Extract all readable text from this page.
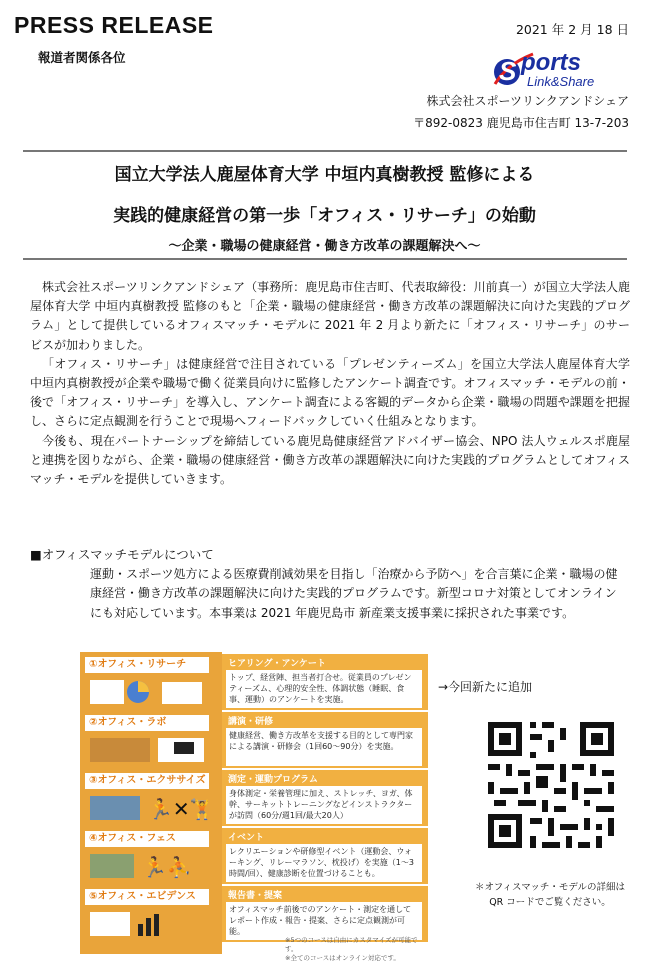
PRESS RELEASE	2021 年 2 月 18 日
報道者関係各位	S ports
Link&Share
株式会社スポーツリンクアンドシェア
〒892-0823 鹿児島市住吉町 13-7-203
国立大学法人鹿屋体育大学 中垣内真樹教授 監修による
実践的健康経営の第一歩「オフィス・リサーチ」の始動
〜企業・職場の健康経営・働き方改革の課題解決へ〜

株式会社スポーツリンクアンドシェア（事務所：鹿児島市住吉町、代表取締役：川前真一）が国立大学法人鹿屋体育大学 中垣内真樹教授 監修のもと「企業・職場の健康経営・働き方改革の課題解決に向けた実践的プログラム」として提供しているオフィスマッチ・モデルに 2021 年 2 月より新たに「オフィス・リサーチ」のサービスが加わりました。

「オフィス・リサーチ」は健康経営で注目されている「プレゼンティーズム」を国立大学法人鹿屋体育大学 中垣内真樹教授が企業や職場で働く従業員向けに監修したアンケート調査です。オフィスマッチ・モデルの前・後で「オフィス・リサーチ」を導入し、アンケート調査による客観的データから企業・職場の問題や課題を把握し、さらに定点観測を行うことで現場へフィードバックしていく仕組みとなります。

今後も、現在パートナーシップを締結している鹿児島健康経営アドバイザー協会、NPO 法人ウェルスポ鹿屋と連携を図りながら、企業・職場の健康経営・働き方改革の課題解決に向けた実践的プログラムとしてオフィスマッチ・モデルを提供していきます。

■オフィスマッチモデルについて
運動・スポーツ処方による医療費削減効果を目指し「治療から予防へ」を合言葉に企業・職場の健康経営・働き方改革の課題解決に向けた実践的プログラムです。新型コロナ対策としてオンラインにも対応しています。本事業は 2021 年鹿児島市 新産業支援事業に採択された事業です。
①オフィス・リサーチ	ヒアリング・アンケート
トップ、経営陣、担当者打合せ。従業員のプレゼンティーズム、心理的安全性、体調状態（睡眠、食事、運動）のアンケートを実施。
②オフィス・ラボ	講演・研修
健康経営、働き方改革を支援する目的として専門家による講演・研修会（1回60〜90分）を実施。
③オフィス・エクササイズ
🏃✕🏋
測定・運動プログラム
身体測定・栄養管理に加え、ストレッチ、ヨガ、体幹、サーキットトレーニングなどインストラクターが訪問（60分/週1回/最大20人）
④オフィス・フェス
🏃⛹
イベント
レクリエーションや研修型イベント（運動会、ウォーキング、リレーマラソン、枕投げ）を実施（1〜3時間/回）、健康診断を位置づけることも。
⑤オフィス・エビデンス	報告書・提案
オフィスマッチ前後でのアンケート・測定を通してレポート作成・報告・提案、さらに定点観測が可能。
※5つのコースは自由にカスタマイズが可能です。
※全てのコースはオンライン対応です。
→今回新たに追加
＊オフィスマッチ・モデルの詳細は QR コードでご覧ください。
